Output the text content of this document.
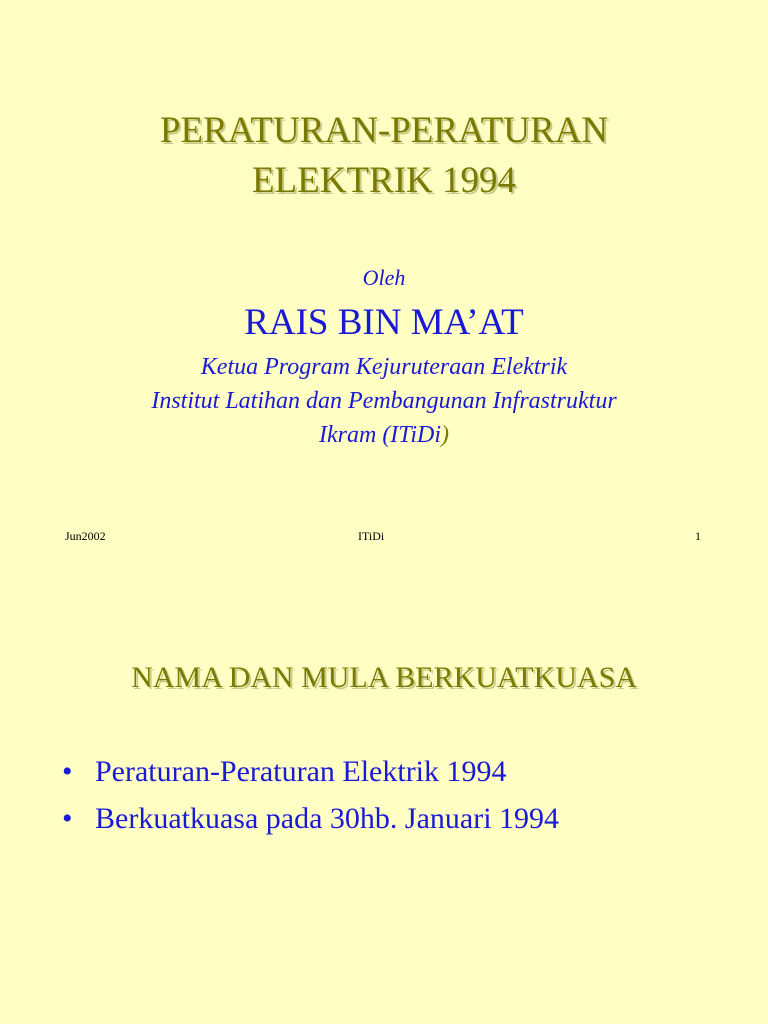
PERATURAN-PERATURAN
ELEKTRIK 1994
Oleh
RAIS BIN MA’AT
Ketua Program Kejuruteraan Elektrik
Institut Latihan dan Pembangunan Infrastruktur
Ikram (ITiDi)
Jun2002	ITiDi	1
NAMA DAN MULA BERKUATKUASA
• Peraturan-Peraturan Elektrik 1994
• Berkuatkuasa pada 30hb. Januari 1994
